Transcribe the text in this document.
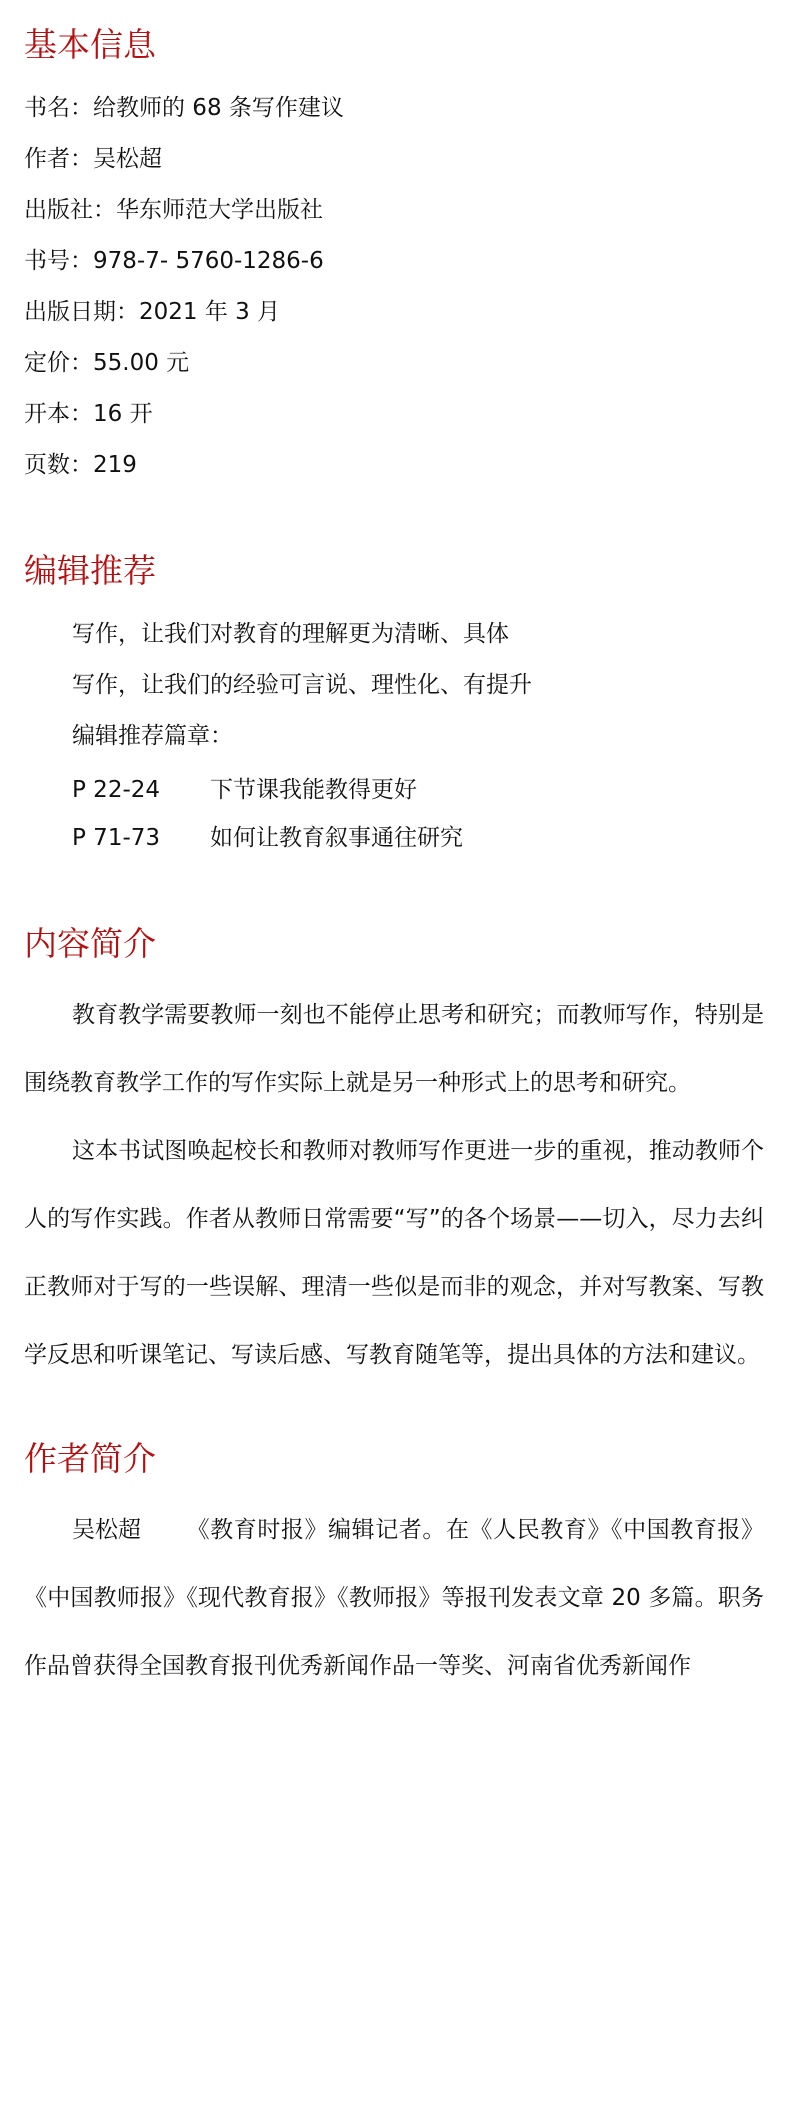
基本信息

书名：给教师的 68 条写作建议

作者：吴松超

出版社：华东师范大学出版社

书号：978-7- 5760-1286-6

出版日期：2021 年 3 月

定价：55.00 元

开本：16 开

页数：219

编辑推荐

写作，让我们对教育的理解更为清晰、具体

写作，让我们的经验可言说、理性化、有提升

编辑推荐篇章：

P 22-24	下节课我能教得更好
P 71-73	如何让教育叙事通往研究
内容简介

教育教学需要教师一刻也不能停止思考和研究；而教师写作，特别是围绕教育教学工作的写作实际上就是另一种形式上的思考和研究。

这本书试图唤起校长和教师对教师写作更进一步的重视，推动教师个人的写作实践。作者从教师日常需要“写”的各个场景——切入，尽力去纠正教师对于写的一些误解、理清一些似是而非的观念，并对写教案、写教学反思和听课笔记、写读后感、写教育随笔等，提出具体的方法和建议。

作者简介

吴松超 《教育时报》编辑记者。在《人民教育》《中国教育报》《中国教师报》《现代教育报》《教师报》等报刊发表文章 20 多篇。职务作品曾获得全国教育报刊优秀新闻作品一等奖、河南省优秀新闻作
